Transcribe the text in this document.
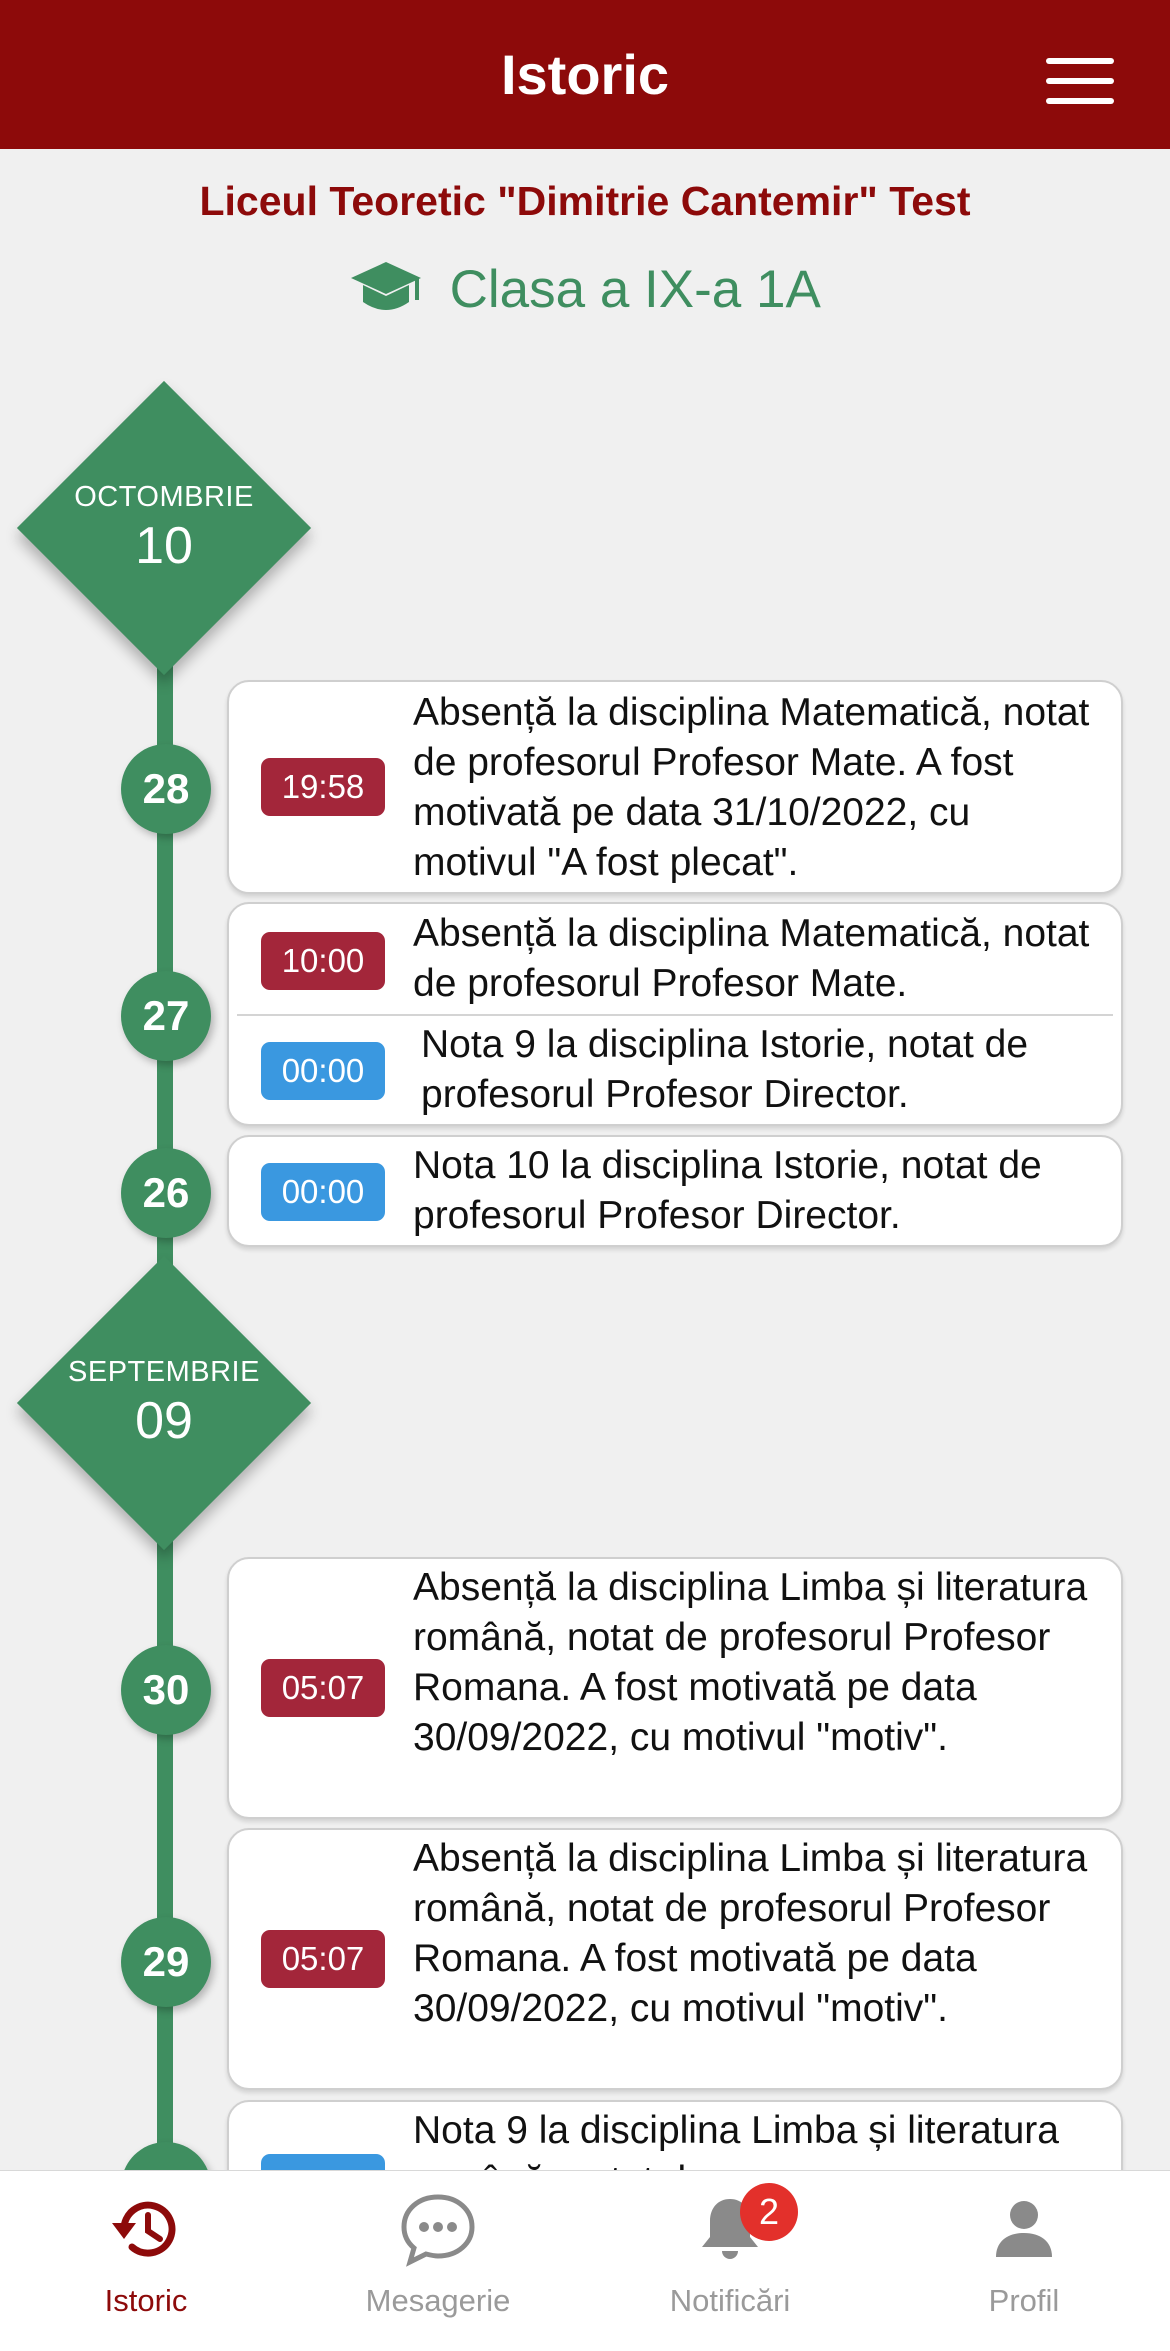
Istoric
Liceul Teoretic "Dimitrie Cantemir" Test
Clasa a IX-a 1A
OCTOMBRIE
10
28	19:58
Absență la disciplina Matematică, notat de profesorul Profesor Mate. A fost motivată pe data 31/10/2022, cu motivul "A fost plecat".
27
10:00
Absență la disciplina Matematică, notat de profesorul Profesor Mate.
00:00
Nota 9 la disciplina Istorie, notat de profesorul Profesor Director.
26	00:00
Nota 10 la disciplina Istorie, notat de profesorul Profesor Director.
SEPTEMBRIE
09
30	05:07
Absență la disciplina Limba și literatura română, notat de profesorul Profesor Romana. A fost motivată pe data 30/09/2022, cu motivul "motiv".
29	05:07
Absență la disciplina Limba și literatura română, notat de profesorul Profesor Romana. A fost motivată pe data 30/09/2022, cu motivul "motiv".
Nota 9 la disciplina Limba și literatura
Istoric	Mesagerie
2
Notificări	Profil
